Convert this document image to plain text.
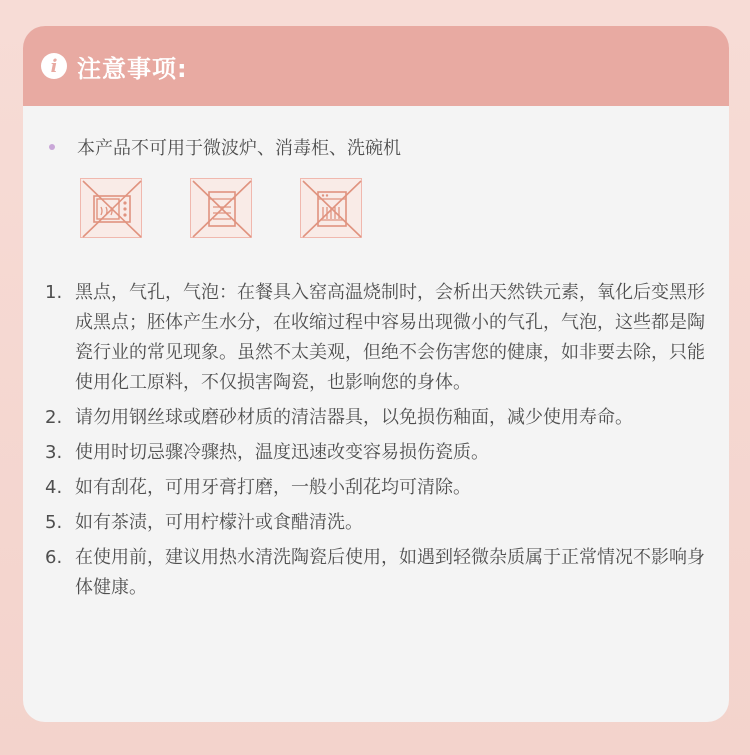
i 注意事项:
本产品不可用于微波炉、消毒柜、洗碗机
1. 黑点，气孔，气泡：在餐具入窑高温烧制时，会析出天然铁元素，氧化后变黑形成黑点；胚体产生水分，在收缩过程中容易出现微小的气孔，气泡，这些都是陶瓷行业的常见现象。虽然不太美观，但绝不会伤害您的健康，如非要去除，只能使用化工原料，不仅损害陶瓷，也影响您的身体。
2. 请勿用钢丝球或磨砂材质的清洁器具，以免损伤釉面，减少使用寿命。
3. 使用时切忌骤冷骤热，温度迅速改变容易损伤瓷质。
4. 如有刮花，可用牙膏打磨，一般小刮花均可清除。
5. 如有茶渍，可用柠檬汁或食醋清洗。
6. 在使用前，建议用热水清洗陶瓷后使用，如遇到轻微杂质属于正常情况不影响身体健康。
